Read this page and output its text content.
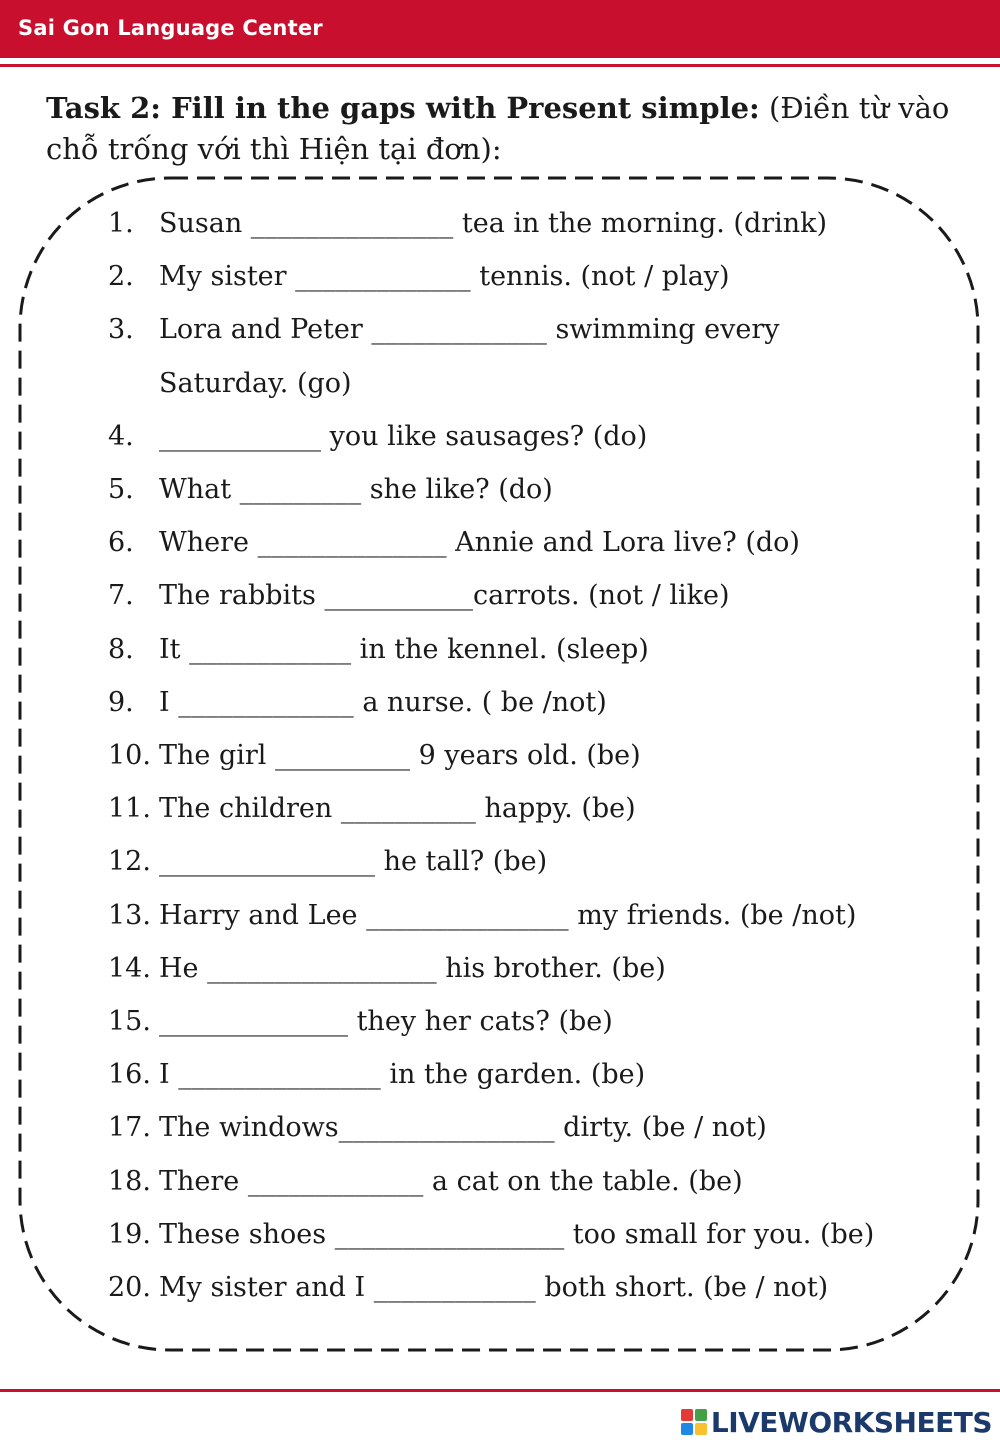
Sai Gon Language Center
Task 2: Fill in the gaps with Present simple: (Điền từ vào chỗ trống với thì Hiện tại đơn):
1. Susan _______________ tea in the morning. (drink)
2. My sister _____________ tennis. (not / play)
3. Lora and Peter _____________ swimming every
Saturday. (go)
4. ____________ you like sausages? (do)
5. What _________ she like? (do)
6. Where ______________ Annie and Lora live? (do)
7. The rabbits ___________carrots. (not / like)
8. It ____________ in the kennel. (sleep)
9. I _____________ a nurse. ( be /not)
10. The girl __________ 9 years old. (be)
11. The children __________ happy. (be)
12. ________________ he tall? (be)
13. Harry and Lee _______________ my friends. (be /not)
14. He _________________ his brother. (be)
15. ______________ they her cats? (be)
16. I _______________ in the garden. (be)
17. The windows________________ dirty. (be / not)
18. There _____________ a cat on the table. (be)
19. These shoes _________________ too small for you. (be)
20. My sister and I ____________ both short. (be / not)
LIVEWORKSHEETS
